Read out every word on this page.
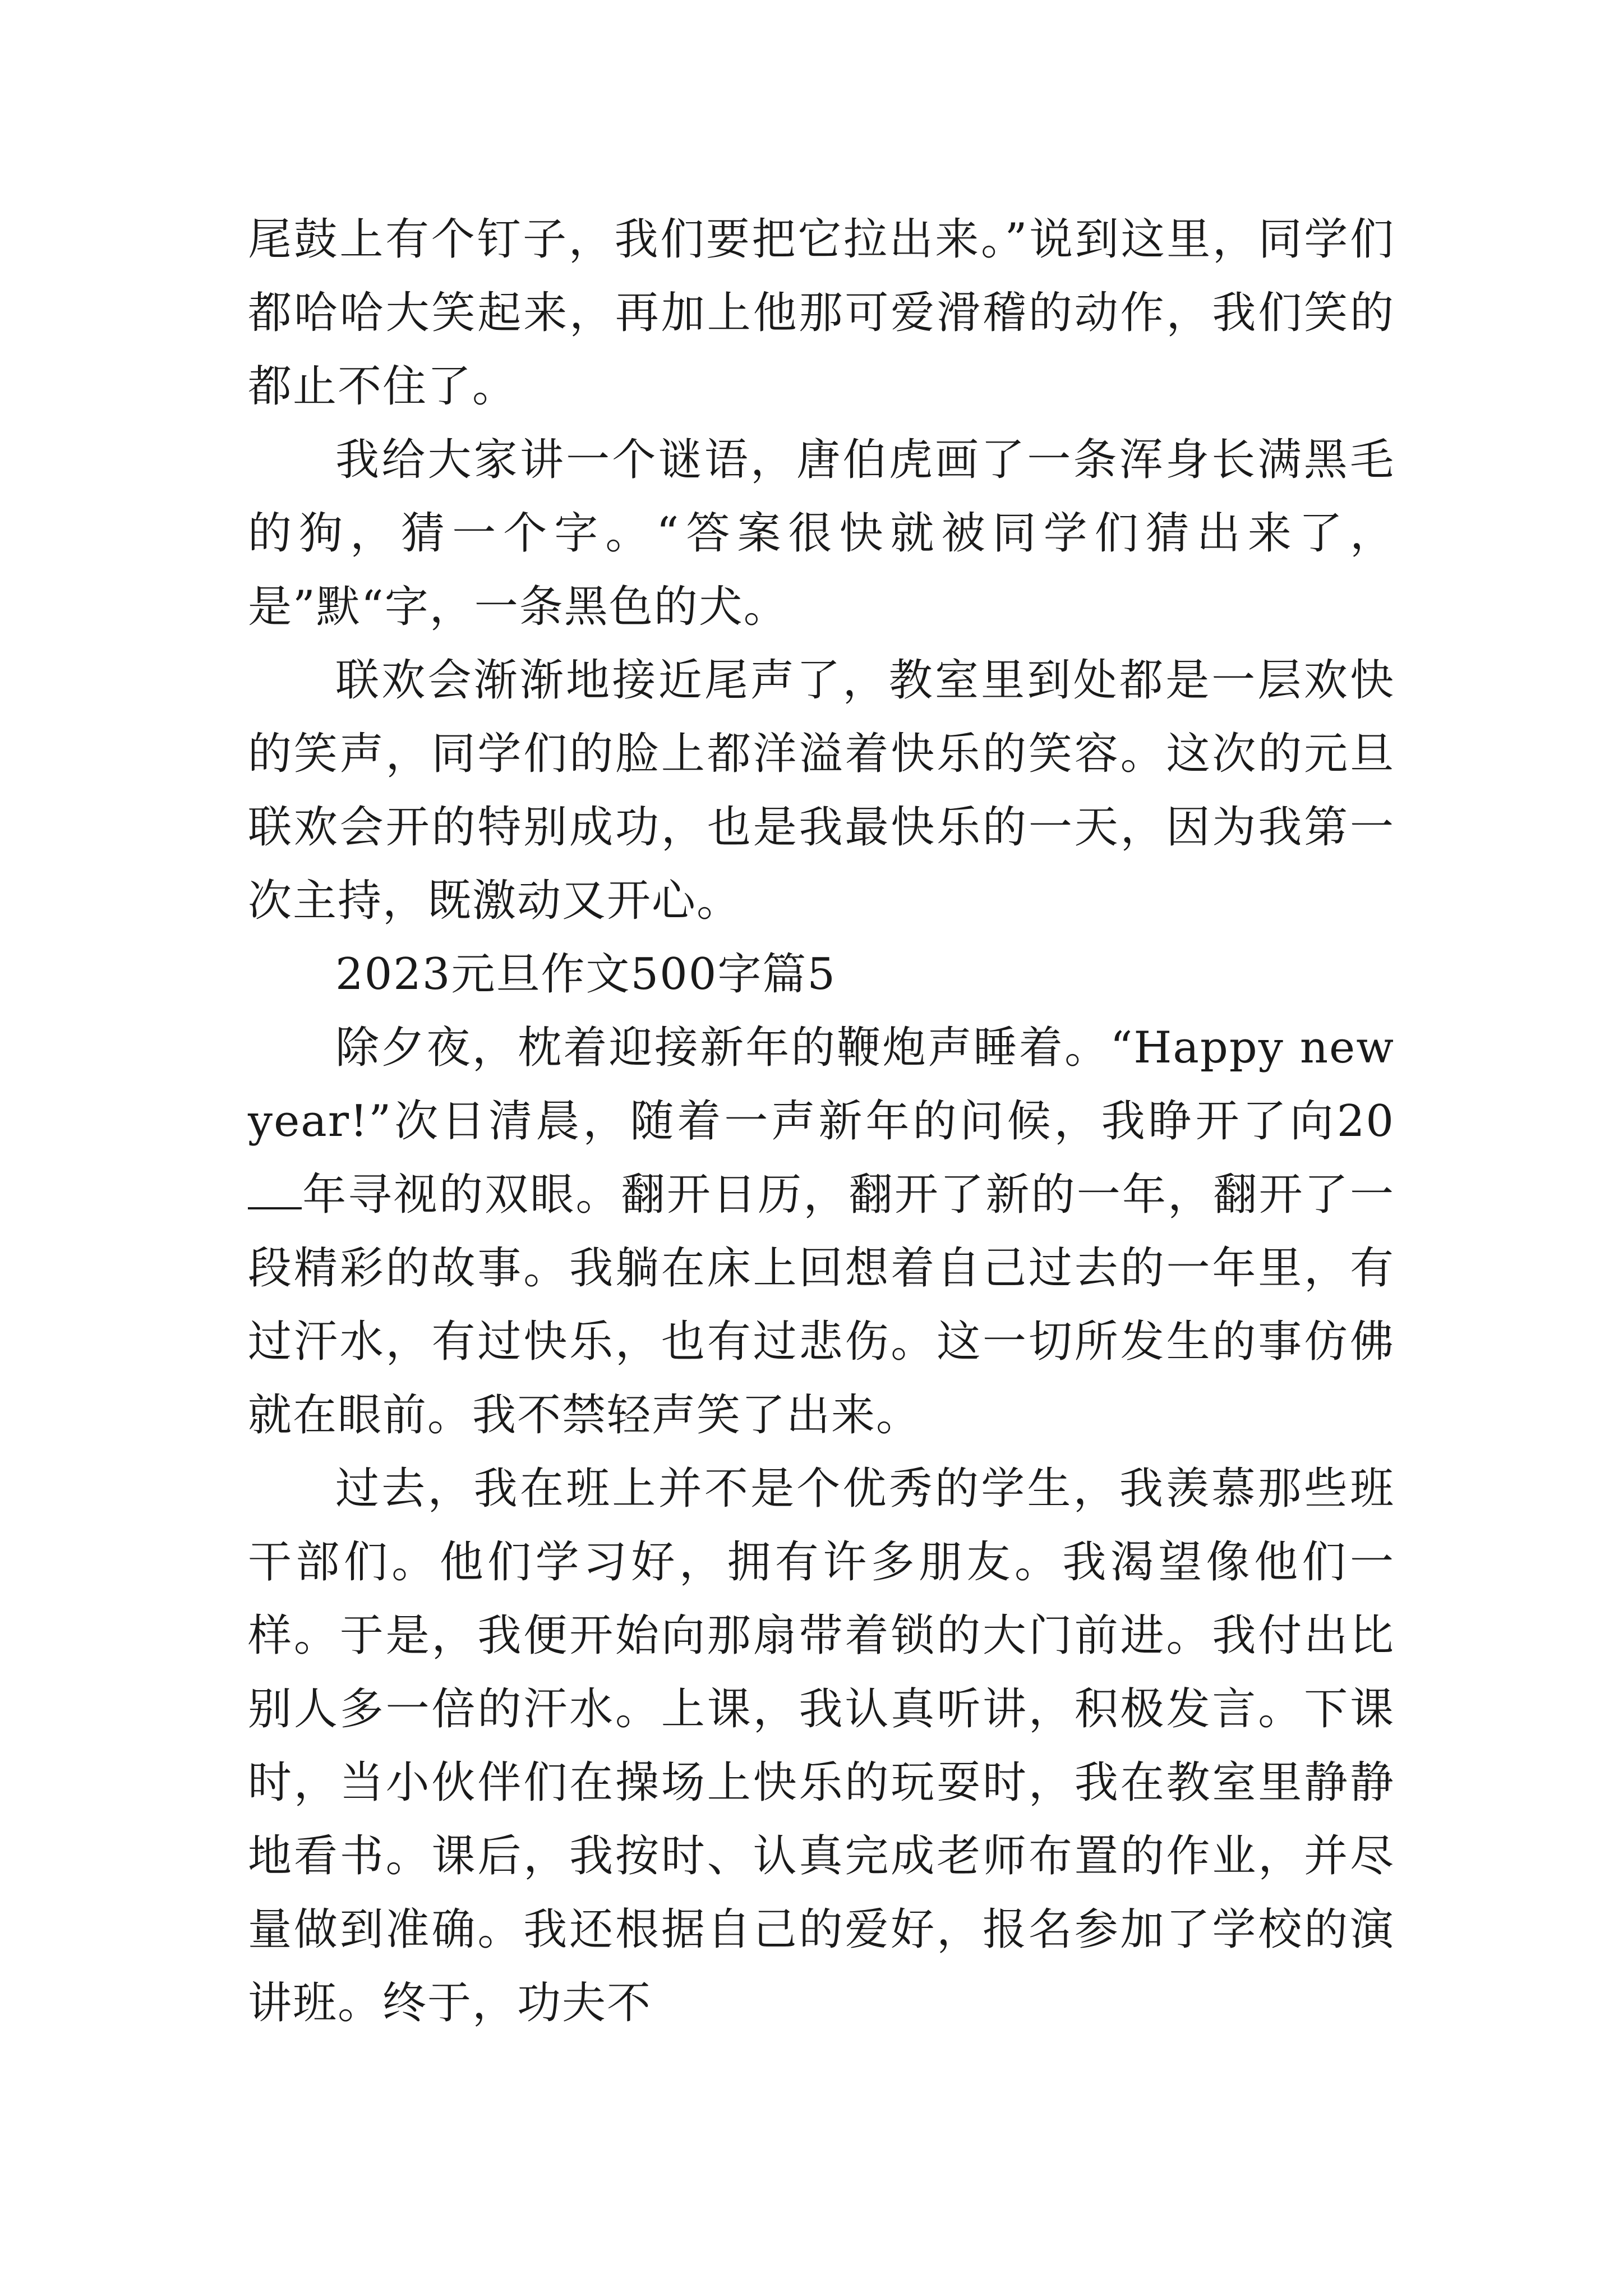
尾鼓上有个钉子，我们要把它拉出来。”说到这里，同学们都哈哈大笑起来，再加上他那可爱滑稽的动作，我们笑的都止不住了。

我给大家讲一个谜语，唐伯虎画了一条浑身长满黑毛的狗，猜一个字。“答案很快就被同学们猜出来了，是”默“字，一条黑色的犬。

联欢会渐渐地接近尾声了，教室里到处都是一层欢快的笑声，同学们的脸上都洋溢着快乐的笑容。这次的元旦联欢会开的特别成功，也是我最快乐的一天，因为我第一次主持，既激动又开心。

2023元旦作文500字篇5

除夕夜，枕着迎接新年的鞭炮声睡着。“Happy new year!”次日清晨，随着一声新年的问候，我睁开了向20年寻视的双眼。翻开日历，翻开了新的一年，翻开了一段精彩的故事。我躺在床上回想着自己过去的一年里，有过汗水，有过快乐，也有过悲伤。这一切所发生的事仿佛就在眼前。我不禁轻声笑了出来。

过去，我在班上并不是个优秀的学生，我羡慕那些班干部们。他们学习好，拥有许多朋友。我渴望像他们一样。于是，我便开始向那扇带着锁的大门前进。我付出比别人多一倍的汗水。上课，我认真听讲，积极发言。下课时，当小伙伴们在操场上快乐的玩耍时，我在教室里静静地看书。课后，我按时、认真完成老师布置的作业，并尽量做到准确。我还根据自己的爱好，报名参加了学校的演讲班。终于，功夫不
